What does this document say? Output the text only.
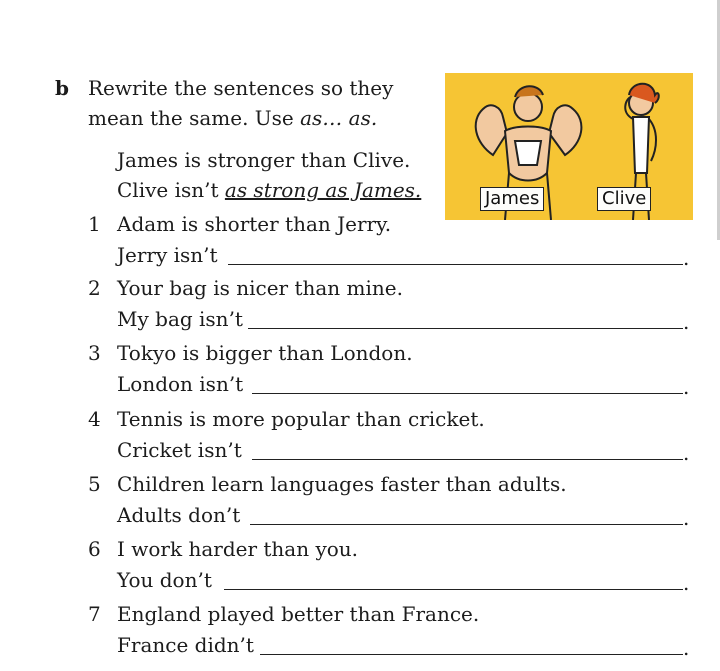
b Rewrite the sentences so they
mean the same. Use as… as.
James is stronger than Clive.
Clive isn’t as strong as James.	James	Clive
1 Adam is shorter than Jerry.
Jerry isn’t	.
2 Your bag is nicer than mine.
My bag isn’t	.
3 Tokyo is bigger than London.
London isn’t	.
4 Tennis is more popular than cricket.
Cricket isn’t	.
5 Children learn languages faster than adults.
Adults don’t	.
6 I work harder than you.
You don’t	.
7 England played better than France.
France didn’t	.
